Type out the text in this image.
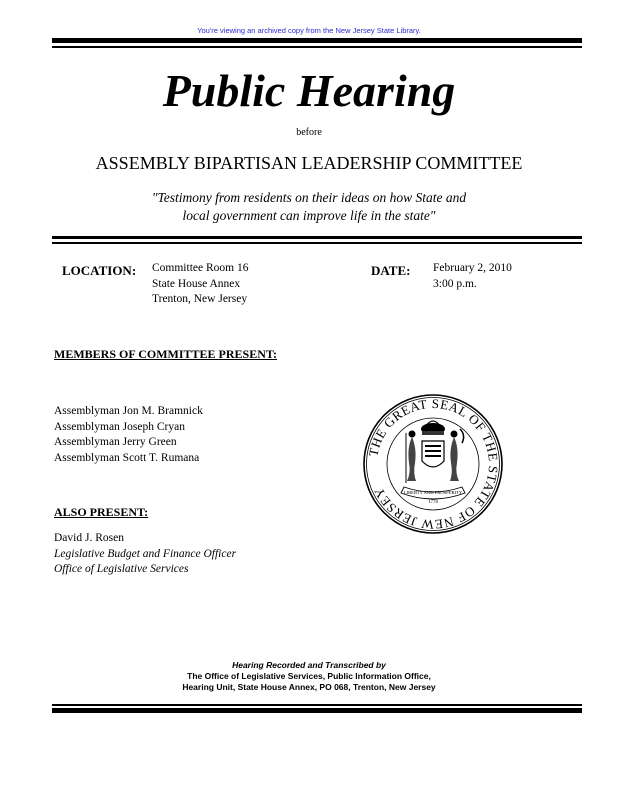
You're viewing an archived copy from the New Jersey State Library.
Public Hearing
before
ASSEMBLY BIPARTISAN LEADERSHIP COMMITTEE
"Testimony from residents on their ideas on how State and
local government can improve life in the state"
LOCATION: Committee Room 16
State House Annex
Trenton, New Jersey
DATE: February 2, 2010
3:00 p.m.
MEMBERS OF COMMITTEE PRESENT:
Assemblyman Jon M. Bramnick
Assemblyman Joseph Cryan
Assemblyman Jerry Green
Assemblyman Scott T. Rumana
ALSO PRESENT:
David J. Rosen
Legislative Budget and Finance Officer
Office of Legislative Services
THE GREAT SEAL OF THE STATE OF NEW JERSEY	LIBERTY AND PROSPERITY
1776
Hearing Recorded and Transcribed by
The Office of Legislative Services, Public Information Office,
Hearing Unit, State House Annex, PO 068, Trenton, New Jersey
